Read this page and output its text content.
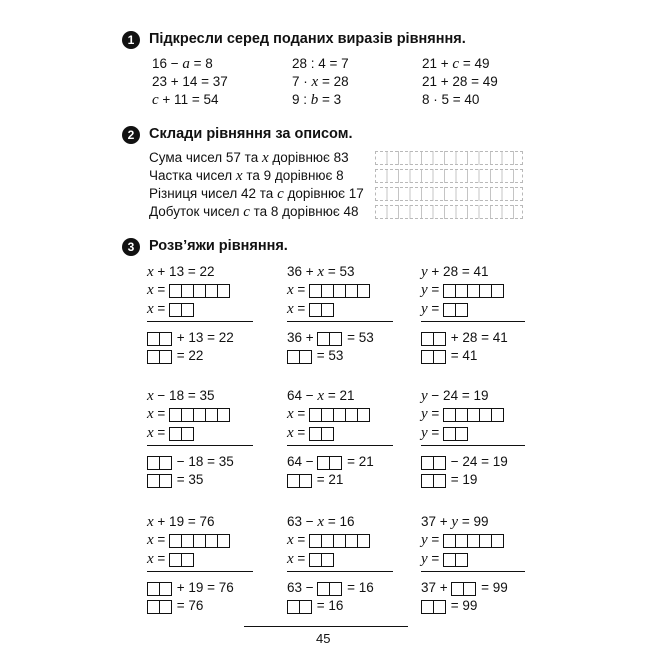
1	Підкресли серед поданих виразів рівняння.
16 − a = 8	28 : 4 = 7	21 + c = 49
23 + 14 = 37	7 · x = 28	21 + 28 = 49
c + 11 = 54	9 : b = 3	8 · 5 = 40
2	Склади рівняння за описом.
Сума чисел 57 та x дорівнює 83
Частка чисел x та 9 дорівнює 8
Різниця чисел 42 та c дорівнює 17
Добуток чисел c та 8 дорівнює 48
3	Розв’яжи рівняння.
x + 13 = 22
x =
x =
+ 13 = 22
= 22
36 + x = 53
x =
x =
36 +  = 53
= 53
y + 28 = 41
y =
y =
+ 28 = 41
= 41
x − 18 = 35
x =
x =
− 18 = 35
= 35
64 − x = 21
x =
x =
64 −  = 21
= 21
y − 24 = 19
y =
y =
− 24 = 19
= 19
x + 19 = 76
x =
x =
+ 19 = 76
= 76
63 − x = 16
x =
x =
63 −  = 16
= 16
37 + y = 99
y =
y =
37 +  = 99
= 99
45
